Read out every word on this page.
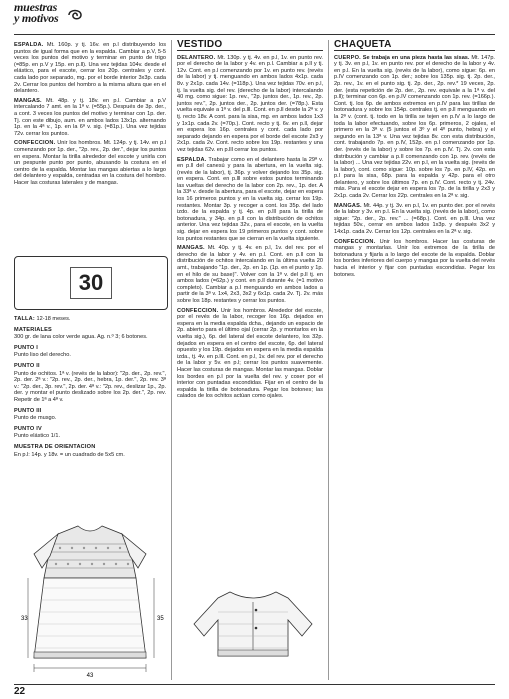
muestras
y motivos

ESPALDA. Mt. 160p. y tj. 16v. en p.l distribuyendo los puntos de igual forma que en la espalda. Cambiar a p.V, 5-5 veces los puntos del motivo y terminar en punto de trigo (=85p. en p.V y 15p. en p.ll). Una vez tejidas 104v. desde el elástico, para el escote, cerrar los 20p. centrales y cont. cada lado por separado, mg. por el borde interior 3x3p. cada 2v. Cerrar los puntos del hombro a la misma altura que en el delantero.

MANGAS. Mt. 48p. y tj. 18v. en p.l. Cambiar a p.V intercalando 7 amt. en la 1ª v. (=55p.). Después de 3p. der., a cont. 3 veces los puntos del motivo y terminar con 1p. der. Tj. con este dibujo, aum. en ambos lados 13x1p. alternando 1p. en la 4ª v., 1p. en la 6ª v. sig. (=81p.). Una vez tejidas 72v. cerrar los puntos.

CONFECCION. Unir los hombros. Mt. 124p. y tj. 14v. en p.l comenzando por 1p. der., "2p. rev., 2p. der.", dejar los puntos en espera. Montar la tirilla alrededor del escote y unirla con un pespunte punto por punto, abusando la costura en el centro de la espalda. Montar las mangas abiertas a lo largo del delantero y espalda, centradas en la costura del hombro. Hacer las costuras laterales y de mangas.

30

TALLA: 12-18 meses.

MATERIALES

300 gr. de lana color verde agua. Ag. n.º 3; 6 botones.

PUNTO I

Punto liso del derecho.

PUNTO II

Punto de ochitos. 1ª v. (revés de la labor): "2p. der., 2p. rev.", 2p. der. 2ª v.: "2p. rev., 2p. der., hebra, 1p. der.", 2p. rev. 3ª v.: "2p. der., 3p. rev.", 2p. der. 4ª v.: "2p. rev., deslizar 1p., 2p. der. y montar el punto deslizado sobre los 2p. der.", 2p. rev. Repetir de 1ª a 4ª v.

PUNTO III

Punto de musgo.

PUNTO IV

Punto elástico 1/1.

MUESTRA DE ORIENTACION

En p.l: 14p. y 18v. = un cuadrado de 5x5 cm.

43
35
33
VESTIDO

DELANTERO. Mt. 130p. y tj. 4v. en p.l, 1v. en punto rev. por el derecho de la labor y 4v. en p.l. Cambiar a p.ll y tj. 12v. Cont. en p.l comenzando por 1v. en punto rev. (revés de la labor) y tj. menguando en ambos lados 4x1p. cada 8v. y 2x1p. cada 14v. (=118p.). Una vez tejidas 70v. en p.l, tj. la vuelta sig. del rev. (derecho de la labor) intercalando 40 mg. como sigue: 1p. rev., "2p. juntos der., 1p. rev., 2p. juntos rev.", 2p. juntos der., 2p. juntos der. (=78p.). Esta vuelta equivale a 1ª v. del p.lll. Cont. en p.ll desde la 2ª v. y tj. recto 18v. A cont. para la sisa, mg. en ambos lados 1x3 y 1x1p. cada 2v. (=70p.). Cont. recto y tj. 6v. en p.ll, dejar en espera los 16p. centrales y cont. cada lado por separado dejando en espera por el borde del escote 2x3 y 2x1p. cada 2v. Cont. recto sobre los 19p. restantes y una vez tejidas 62v. en p.lll cerrar los puntos.

ESPALDA. Trabajar como en el delantero hasta la 29ª v. en p.ll del canesú y para la abertura, en la vuelta sig. (revés de la labor), tj. 36p. y volver dejando los 35p. sig. en espera. Cont. en p.lll sobre estos puntos terminando las vueltas del derecho de la labor con 2p. rev., 1p. der. A la 33ª v. desde la abertura, para el escote, dejar en espera los 16 primeros puntos y en la vuelta sig. cerrar los 19p. restantes. Montar 3p. y recoger a cont. los 35p. del lado izdo. de la espalda y tj. 4p. en p.lll para la tirilla de botonadura, y 34p. en p.ll con la distribución de ochitos anterior. Una vez tejidas 32v., para el escote, en la vuelta sig. dejar en espera los 19 primeros puntos y cont. sobre los puntos restantes que se cierran en la vuelta siguiente.

MANGAS. Mt. 40p. y tj. 4v. en p.l, 1v. del rev. por el derecho de la labor y 4v. en p.l. Cont. en p.ll con la distribución de ochitos intercalando en la última vuelta 20 amt., trabajando "1p. der., 2p. en 1p. (1p. en el punto y 1p. en el hilo de su base)". Volver con la 1ª v. del p.ll tj. en ambos lados (=62p.) y cont. en p.ll durante 4v. (=1 motivo completo). Cambiar a p.I menguando en ambos lados a partir de la 3ª v. 1x4, 2x3, 3x2 y 6x1p. cada 2v. Tj. 2v. más sobre los 18p. restantes y cerrar los puntos.

CONFECCION. Unir los hombros. Alrededor del escote, por el revés de la labor, recoger los 16p. dejados en espera en la media espalda dcha., dejando un espacio de 2p. abierto para el último ojal (cerrar 2p. y montarlos en la vuelta sig.), 6p. del lateral del escote delantero, los 32p. dejados en espera en el centro del escote, 6p. del lateral opuesto y los 19p. dejados en espera en la media espalda izda., tj. 4v. en p.lll. Cont. en p.l, 1v. del rev. por el derecho de la labor y 5v. en p.l; cerrar los puntos suavemente. Hacer las costuras de mangas. Montar las mangas. Doblar los bordes en p.I por la vuelta del rev. y coser por el interior con puntadas escondidas. Fijar en el centro de la espalda la tirilla de botonadura. Pegar los botones; las calados de los ochitos actúan como ojales.

CHAQUETA

CUERPO. Se trabaja en una pieza hasta las sisas. Mt. 147p. y tj. 3v. en p.l, 1v. en punto rev. por el derecho de la labor y 4v. en p.l. En la vuelta sig. (revés de la labor), como sigue: 6p. en p.IV comenzando con 1p. der.; sobre los 135p. sig. tj. 2p. der., 2p. rev., 1v. en el punto sig. tj. 2p. der., 2p. rev.* 19 veces, 2p. der. (esta repetición de 2p. der., 2p. rev. equivale a la 1ª v. del p.ll); terminar con 6p. en p.IV comenzando con 1p. rev. (=166p.). Cont. tj. los 6p. de ambos extremos en p.IV para las tirillas de botonadura y sobre los 154p. centrales tj. en p.ll menguando en la 2ª v. (cont. tj. todo en la tirilla se tejen en p.IV a lo largo de toda la labor efectuando, sobre los 6p. primeros, 2 ojales, el primero en la 3ª v. (5 juntos el 3º y el 4º punto, hebra) y el segundo en la 13ª v. Una vez tejidas 8v. con esta distribución, cont. trabajando 7p. en p.IV, 152p. en p.I comenzando por 1p. der. (revés de la labor) y sobre los 7p. en p.IV. Tj. 2v. con esta distribución y cambiar a p.II comenzando con 1p. rev. (revés de la labor) ... Una vez tejidas 22v. en p.I, en la vuelta sig. (revés de la labor), cont. como sigue: 10p. sobre los 7p. en p.IV, 42p. en p.I para la sisa, 68p. para la espalda y 42p. para el otro delantero, y sobre los últimos 7p. en p.IV. Cont. recto y tj. 24v. más. Para el escote dejar en espera los 7p. de la tirilla y 2x3 y 2x1p. cada 2v. Cerrar los 22p. centrales en la 2ª v. sig.

MANGAS. Mt. 44p. y tj. 3v. en p.I, 1v. en punto der. por el revés de la labor y 3v. en p.I. En la vuelta sig. (revés de la labor), como sigue: "2p. der., 2p. rev." ... (=68p.). Cont. en p.lll. Una vez tejidas 50v., cerrar en ambos lados 1x3p. y después 3x2 y 14x1p. cada 2v. Cerrar los 12p. centrales en la 2ª v. sig.

CONFECCION. Unir los hombros. Hacer las costuras de mangas y montarlas. Unir los extremos de la tirilla de botonadura y fijarla a lo largo del escote de la espalda. Doblar los bordes inferiores del cuerpo y mangas por la vuelta del revés hacia el interior y fijar con puntadas escondidas. Pegar los botones.

22
